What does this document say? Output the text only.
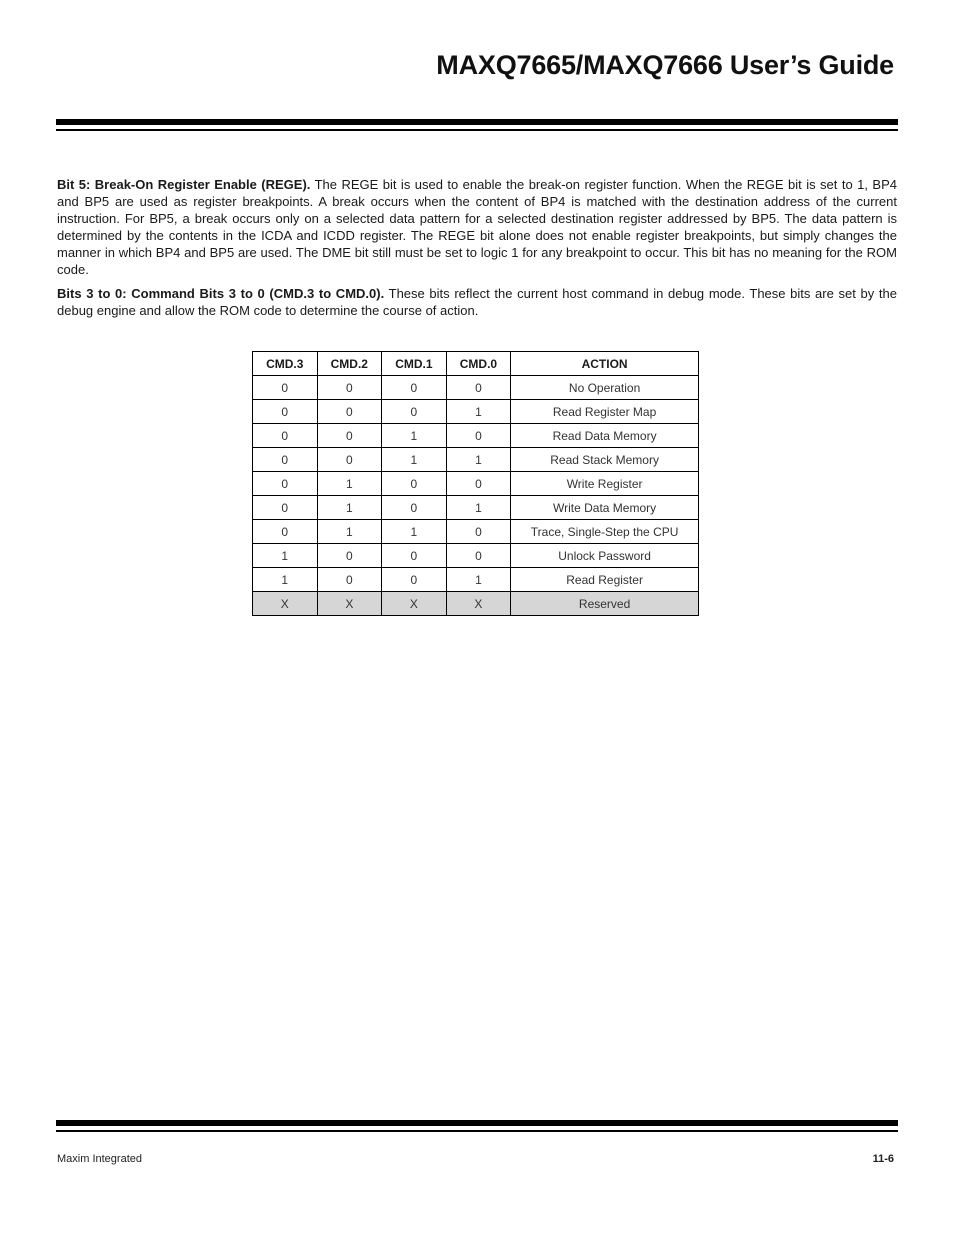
MAXQ7665/MAXQ7666 User’s Guide

Bit 5: Break-On Register Enable (REGE). The REGE bit is used to enable the break-on register function. When the REGE bit is set to 1, BP4 and BP5 are used as register breakpoints. A break occurs when the content of BP4 is matched with the destination address of the current instruction. For BP5, a break occurs only on a selected data pattern for a selected destination register addressed by BP5. The data pattern is determined by the contents in the ICDA and ICDD register. The REGE bit alone does not enable register breakpoints, but simply changes the manner in which BP4 and BP5 are used. The DME bit still must be set to logic 1 for any breakpoint to occur. This bit has no meaning for the ROM code.

Bits 3 to 0: Command Bits 3 to 0 (CMD.3 to CMD.0). These bits reflect the current host command in debug mode. These bits are set by the debug engine and allow the ROM code to determine the course of action.

CMD.3	CMD.2	CMD.1	CMD.0	ACTION
0	0	0	0	No Operation
0	0	0	1	Read Register Map
0	0	1	0	Read Data Memory
0	0	1	1	Read Stack Memory
0	1	0	0	Write Register
0	1	0	1	Write Data Memory
0	1	1	0	Trace, Single-Step the CPU
1	0	0	0	Unlock Password
1	0	0	1	Read Register
X	X	X	X	Reserved
Maxim Integrated	11-6
